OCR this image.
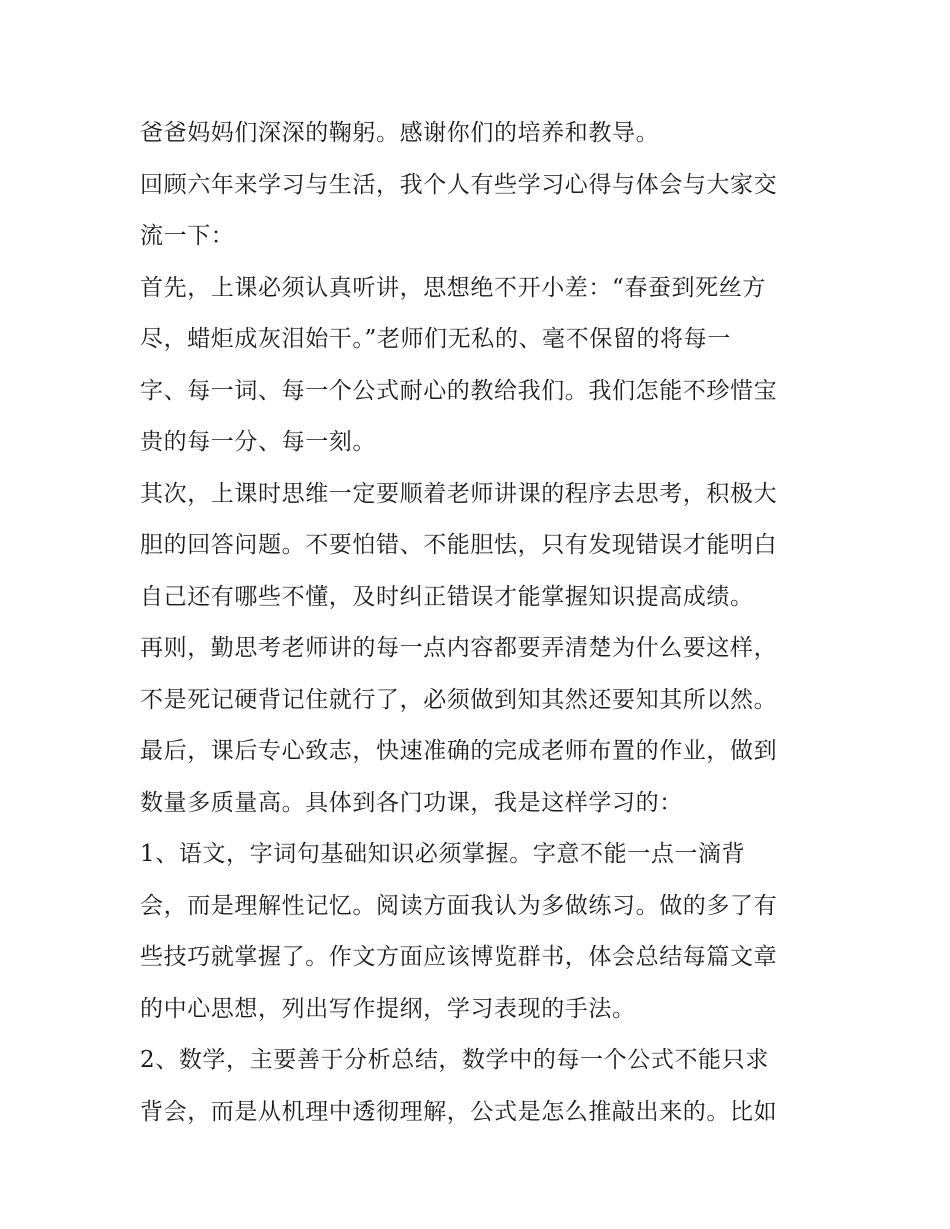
爸爸妈妈们深深的鞠躬。感谢你们的培养和教导。
回顾六年来学习与生活，我个人有些学习心得与体会与大家交
流一下：
首先，上课必须认真听讲，思想绝不开小差：“春蚕到死丝方
尽，蜡炬成灰泪始干。”老师们无私的、毫不保留的将每一
字、每一词、每一个公式耐心的教给我们。我们怎能不珍惜宝
贵的每一分、每一刻。
其次，上课时思维一定要顺着老师讲课的程序去思考，积极大
胆的回答问题。不要怕错、不能胆怯，只有发现错误才能明白
自己还有哪些不懂，及时纠正错误才能掌握知识提高成绩。
再则，勤思考老师讲的每一点内容都要弄清楚为什么要这样，
不是死记硬背记住就行了，必须做到知其然还要知其所以然。
最后，课后专心致志，快速准确的完成老师布置的作业，做到
数量多质量高。具体到各门功课，我是这样学习的：
1、语文，字词句基础知识必须掌握。字意不能一点一滴背
会，而是理解性记忆。阅读方面我认为多做练习。做的多了有
些技巧就掌握了。作文方面应该博览群书，体会总结每篇文章
的中心思想，列出写作提纲，学习表现的手法。
2、数学，主要善于分析总结，数学中的每一个公式不能只求
背会，而是从机理中透彻理解，公式是怎么推敲出来的。比如
